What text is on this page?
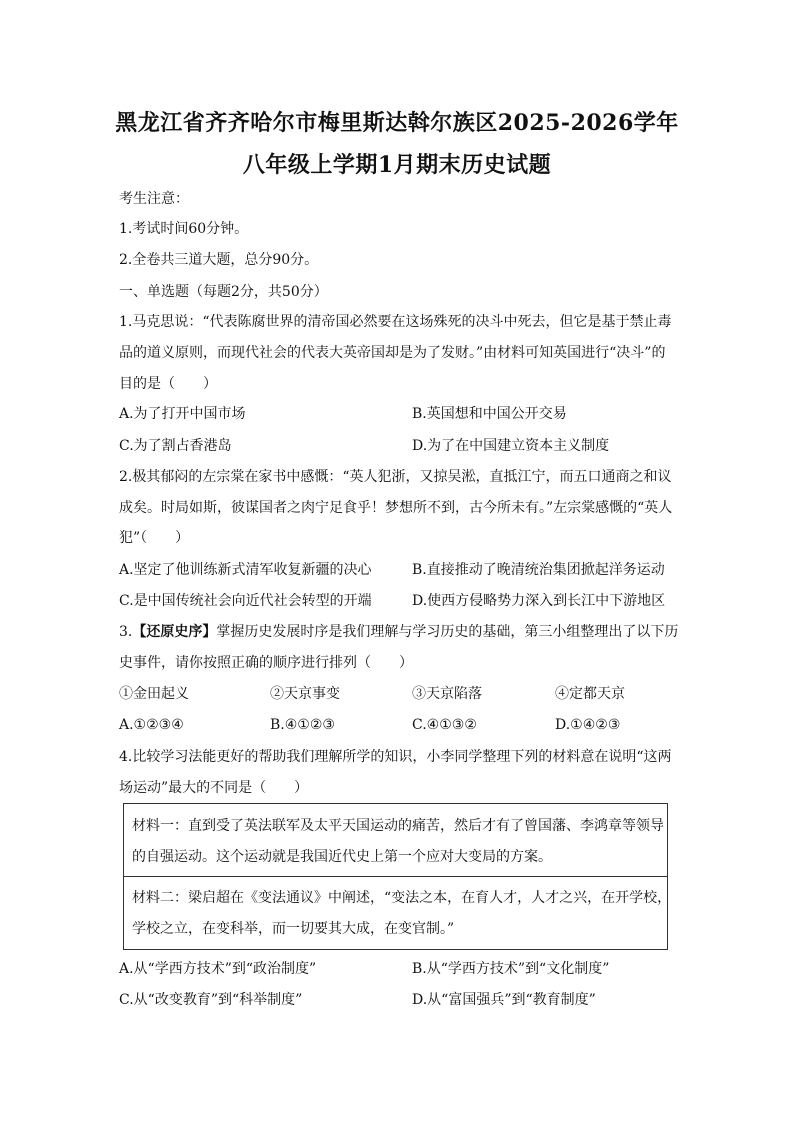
黑龙江省齐齐哈尔市梅里斯达斡尔族区2025-2026学年
八年级上学期1月期末历史试题
考生注意：
1.考试时间60分钟。
2.全卷共三道大题，总分90分。
一、单选题（每题2分，共50分）
1.马克思说：“代表陈腐世界的清帝国必然要在这场殊死的决斗中死去，但它是基于禁止毒
品的道义原则，而现代社会的代表大英帝国却是为了发财。”由材料可知英国进行“决斗”的
目的是（　　）
A.为了打开中国市场	B.英国想和中国公开交易
C.为了割占香港岛	D.为了在中国建立资本主义制度
2.极其郁闷的左宗棠在家书中感慨：“英人犯浙，又掠吴淞，直抵江宁，而五口通商之和议
成矣。时局如斯，彼谋国者之肉宁足食乎！梦想所不到，古今所未有。”左宗棠感慨的“英人
犯”（　　）
A.坚定了他训练新式清军收复新疆的决心	B.直接推动了晚清统治集团掀起洋务运动
C.是中国传统社会向近代社会转型的开端	D.使西方侵略势力深入到长江中下游地区
3.【还原史序】掌握历史发展时序是我们理解与学习历史的基础，第三小组整理出了以下历
史事件，请你按照正确的顺序进行排列（　　）
①金田起义	②天京事变	③天京陷落	④定都天京
A.①②③④	B.④①②③	C.④①③②	D.①④②③
4.比较学习法能更好的帮助我们理解所学的知识，小李同学整理下列的材料意在说明“这两
场运动”最大的不同是（　　）
材料一：直到受了英法联军及太平天国运动的痛苦，然后才有了曾国藩、李鸿章等领导
的自强运动。这个运动就是我国近代史上第一个应对大变局的方案。
材料二：梁启超在《变法通议》中阐述，“变法之本，在育人才，人才之兴，在开学校，
学校之立，在变科举，而一切要其大成，在变官制。”
A.从“学西方技术”到“政治制度”	B.从“学西方技术”到“文化制度”
C.从“改变教育”到“科举制度”	D.从“富国强兵”到“教育制度”
